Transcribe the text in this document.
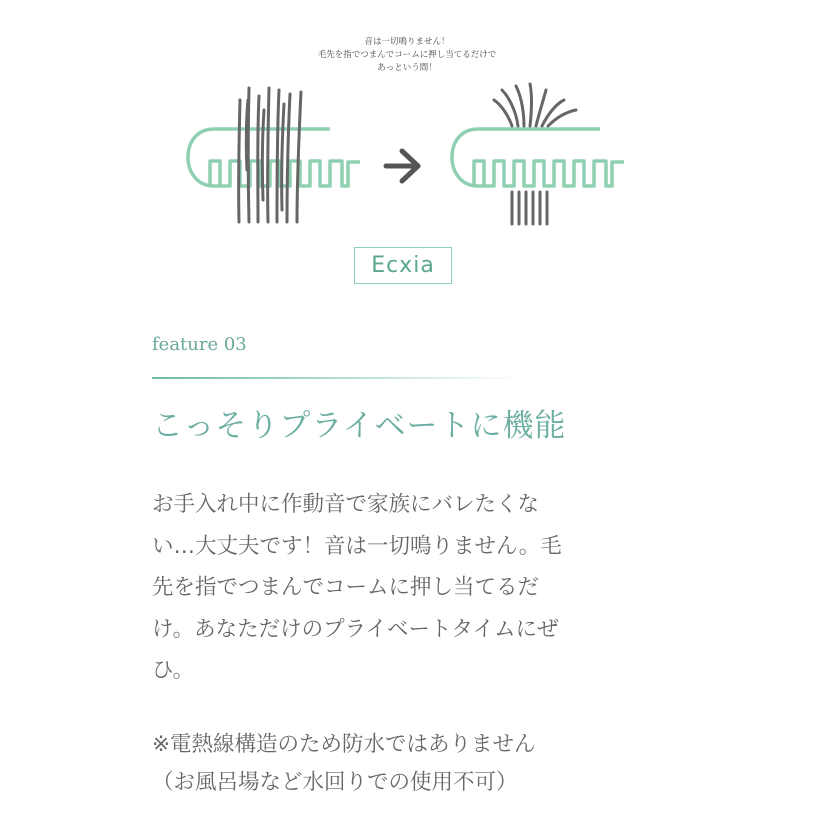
音は一切鳴りません！
毛先を指でつまんでコームに押し当てるだけで
あっという間！
Ecxia
feature 03
こっそりプライベートに機能
お手入れ中に作動音で家族にバレたくな
い…大丈夫です！音は一切鳴りません。毛
先を指でつまんでコームに押し当てるだ
け。あなただけのプライベートタイムにぜ
ひ。
※電熱線構造のため防水ではありません
（お風呂場など水回りでの使用不可）
